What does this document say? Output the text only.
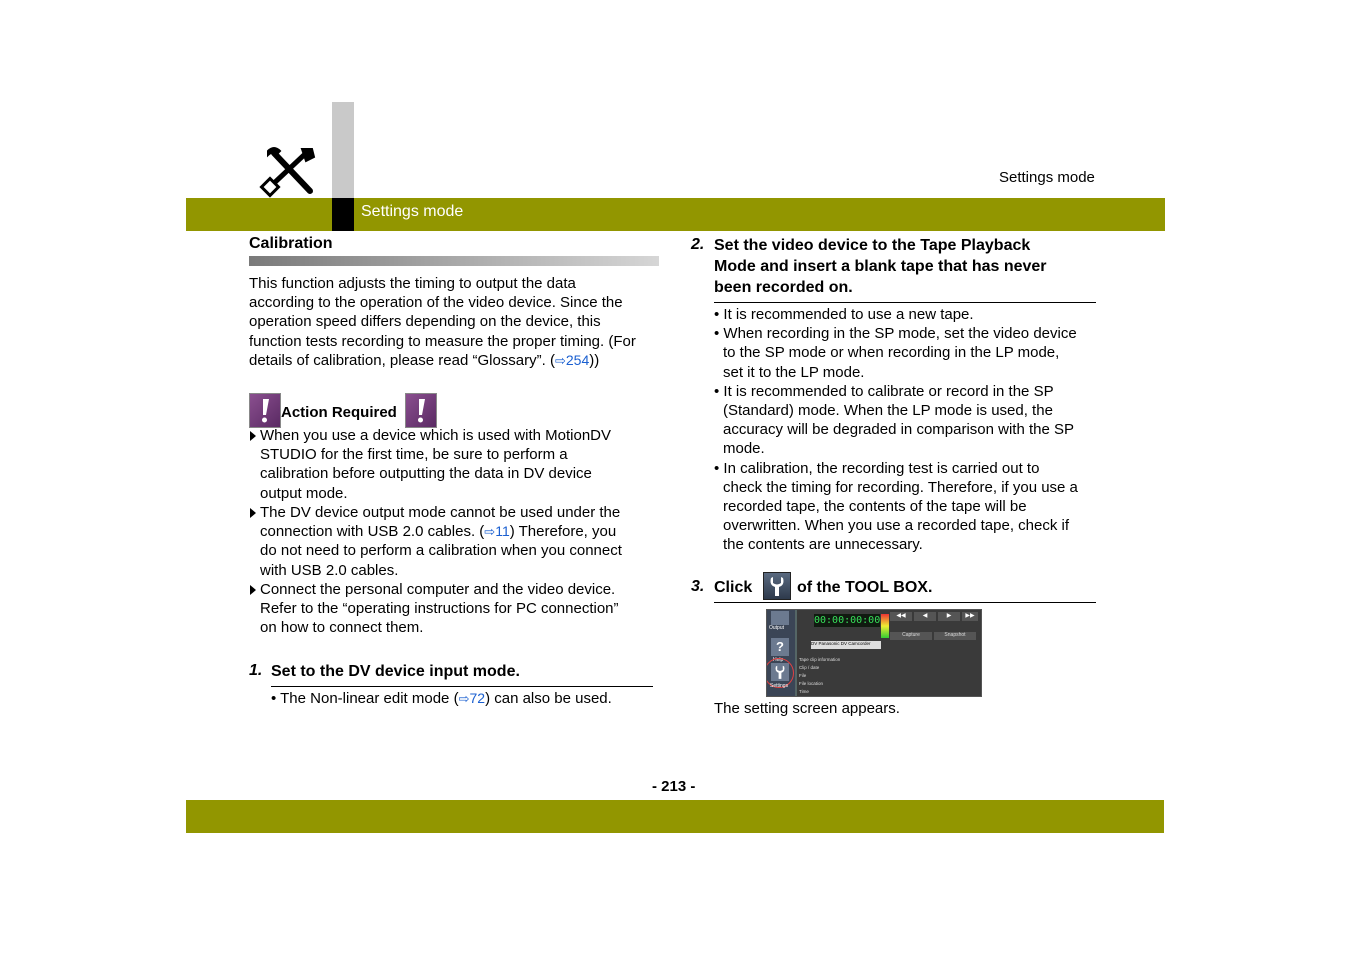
Settings mode
Settings mode
Calibration
This function adjusts the timing to output the data
according to the operation of the video device. Since the
operation speed differs depending on the device, this
function tests recording to measure the proper timing. (For
details of calibration, please read “Glossary”. (⇨254))
Action Required
When you use a device which is used with MotionDV
STUDIO for the first time, be sure to perform a
calibration before outputting the data in DV device
output mode.
The DV device output mode cannot be used under the
connection with USB 2.0 cables. (⇨11) Therefore, you
do not need to perform a calibration when you connect
with USB 2.0 cables.
Connect the personal computer and the video device.
Refer to the “operating instructions for PC connection”
on how to connect them.
1. Set to the DV device input mode.
• The Non-linear edit mode (⇨72) can also be used.
2. Set the video device to the Tape Playback
Mode and insert a blank tape that has never
been recorded on.
• It is recommended to use a new tape.
• When recording in the SP mode, set the video device
to the SP mode or when recording in the LP mode,
set it to the LP mode.
• It is recommended to calibrate or record in the SP
(Standard) mode. When the LP mode is used, the
accuracy will be degraded in comparison with the SP
mode.
• In calibration, the recording test is carried out to
check the timing for recording. Therefore, if you use a
recorded tape, the contents of the tape will be
overwritten. When you use a recorded tape, check if
the contents are unnecessary.
3. Click	of the TOOL BOX.
Output
?
Help
Settings
00:00:00:00	◀◀	◀	▶	▶▶
Capture	Snapshot
DV Panasonic DV Camcorder
Tape clip information
Clip / date
File
File location
Time
The setting screen appears.
- 213 -
